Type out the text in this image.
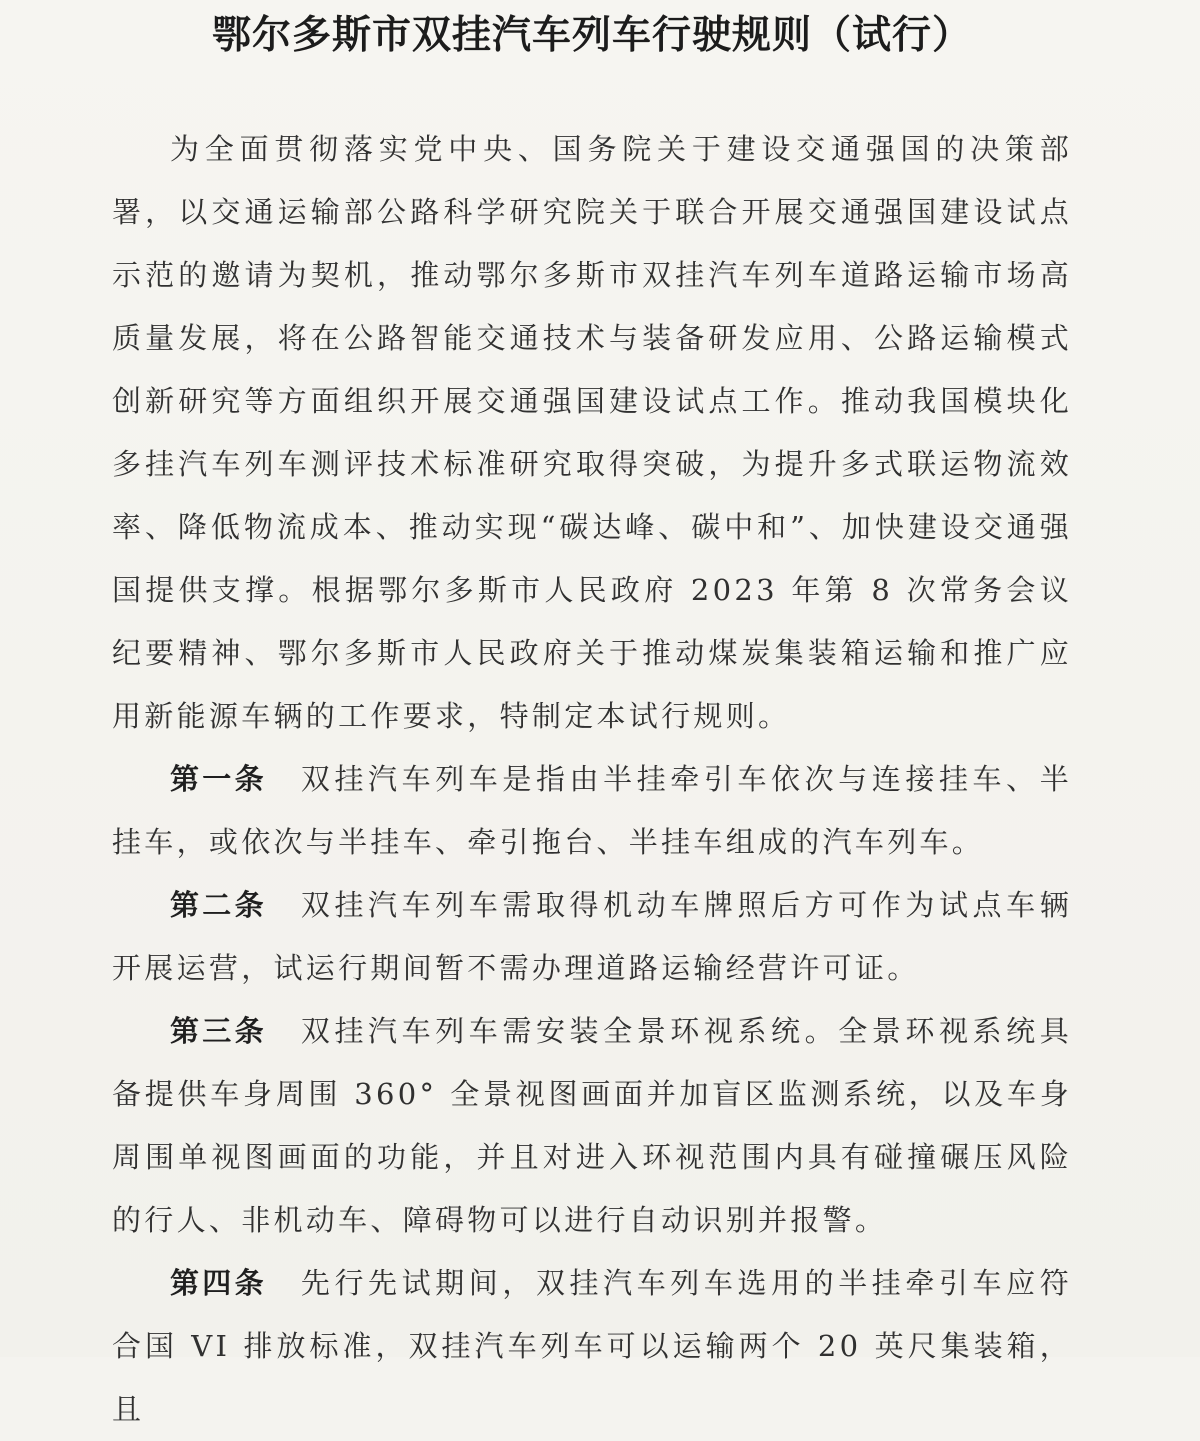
鄂尔多斯市双挂汽车列车行驶规则（试行）

为全面贯彻落实党中央、国务院关于建设交通强国的决策部署，以交通运输部公路科学研究院关于联合开展交通强国建设试点示范的邀请为契机，推动鄂尔多斯市双挂汽车列车道路运输市场高质量发展，将在公路智能交通技术与装备研发应用、公路运输模式创新研究等方面组织开展交通强国建设试点工作。推动我国模块化多挂汽车列车测评技术标准研究取得突破，为提升多式联运物流效率、降低物流成本、推动实现“碳达峰、碳中和”、加快建设交通强国提供支撑。根据鄂尔多斯市人民政府 2023 年第 8 次常务会议纪要精神、鄂尔多斯市人民政府关于推动煤炭集装箱运输和推广应用新能源车辆的工作要求，特制定本试行规则。

第一条 双挂汽车列车是指由半挂牵引车依次与连接挂车、半挂车，或依次与半挂车、牵引拖台、半挂车组成的汽车列车。

第二条 双挂汽车列车需取得机动车牌照后方可作为试点车辆开展运营，试运行期间暂不需办理道路运输经营许可证。

第三条 双挂汽车列车需安装全景环视系统。全景环视系统具备提供车身周围 360° 全景视图画面并加盲区监测系统，以及车身周围单视图画面的功能，并且对进入环视范围内具有碰撞碾压风险的行人、非机动车、障碍物可以进行自动识别并报警。

第四条 先行先试期间，双挂汽车列车选用的半挂牵引车应符合国 VI 排放标准，双挂汽车列车可以运输两个 20 英尺集装箱，且
